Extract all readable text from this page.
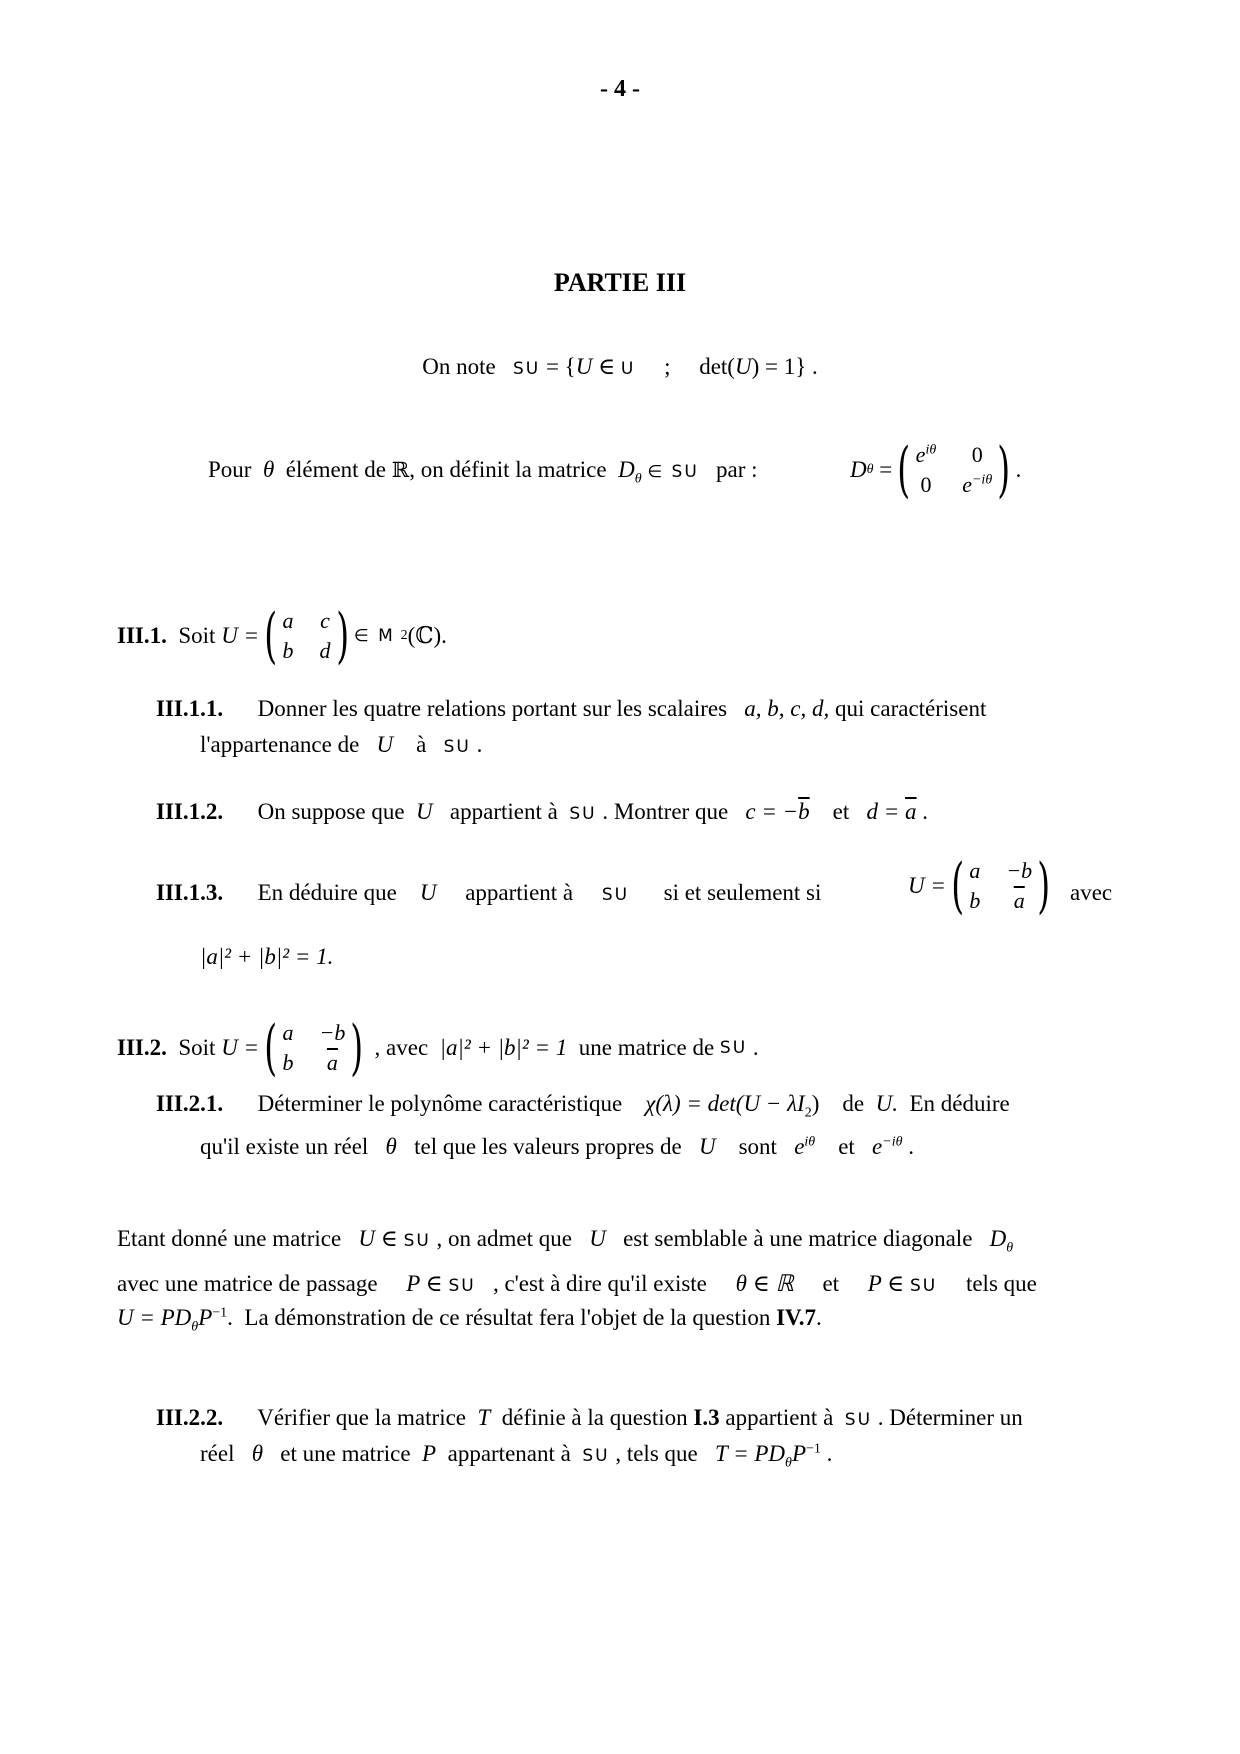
- 4 -
PARTIE III
On note SU = {U ∈ U ; det(U) = 1} .
Pour θ élément de ℝ, on définit la matrice $D_\theta$ ∈ SU par :	D θ
= ( $e^{i\theta}$	0
0 $e^{-i\theta}$ ) .
III.1.
Soit
U = ( a c
b d ) ∈ M
2 (ℂ).
III.1.1. Donner les quatre relations portant sur les scalaires a, b, c, d, qui caractérisent
l'appartenance de U à SU .
III.1.2. On suppose que U appartient à SU . Montrer que $c = -\overline{b}$ et $d = \overline{a}$ .
III.1.3. En déduire que U appartient à SU si et seulement si	U = ( a −b
b	$\overline{a}$ ) avec
|a|² + |b|² = 1.
III.2.
Soit
U = ( a −b
b	$\overline{a}$ )
, avec
|a|² + |b|² = 1
une matrice de
SU
.
III.2.1. Déterminer le polynôme caractéristique $\chi(\lambda) = \det(U - \lambda I_2)$ de U. En déduire
qu'il existe un réel θ tel que les valeurs propres de U sont $e^{i\theta}$ et $e^{-i\theta}$ .
Etant donné une matrice U ∈ SU , on admet que U est semblable à une matrice diagonale $D_\theta$
avec une matrice de passage P ∈ SU , c'est à dire qu'il existe θ ∈ ℝ et P ∈ SU tels que
$U = PD_\theta P^{-1}$. La démonstration de ce résultat fera l'objet de la question IV.7.
III.2.2. Vérifier que la matrice T définie à la question I.3 appartient à SU . Déterminer un
réel θ et une matrice P appartenant à SU , tels que $T = PD_\theta P^{-1}$ .
